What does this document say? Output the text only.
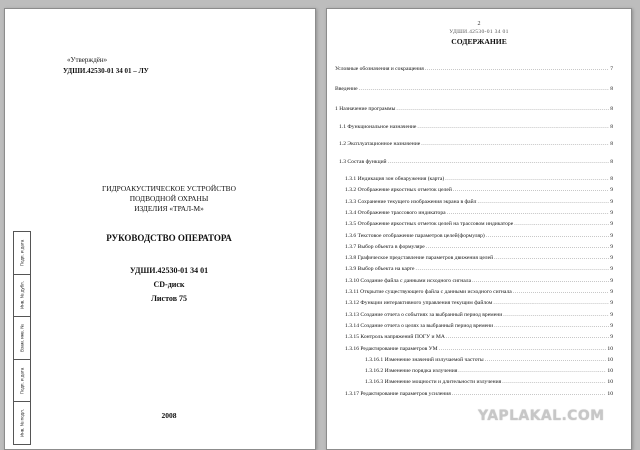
«Утверждён»
УДШИ.42530-01 34 01 – ЛУ
ГИДРОАКУСТИЧЕСКОЕ УСТРОЙСТВО
ПОДВОДНОЙ ОХРАНЫ
ИЗДЕЛИЯ «ТРАЛ-М»
РУКОВОДСТВО ОПЕРАТОРА
УДШИ.42530-01 34 01
CD-диск
Листов 75
2008
Подп. и дата
Инв. № дубл.
Взам. инв. №
Подп. и дата
Инв. № подл.
2
УДШИ.42530-01 34 01
СОДЕРЖАНИЕ
Условные обозначения и сокращения .....	7
Введение .....	8
1 Назначение программы .....	8
1.1 Функциональное назначение .....	8
1.2 Эксплуатационное назначение .....	8
1.3 Состав функций .....	8
1.3.1 Индикация зон обнаружения (карта) .....	8
1.3.2 Отображение яркостных отметок целей .....	9
1.3.3 Сохранение текущего изображения экрана в файл .....	9
1.3.4 Отображение трассового индикатора .....	9
1.3.5 Отображение яркостных отметок целей на трассовом индикаторе .....	9
1.3.6 Текстовое отображение параметров целей(формуляр) .....	9
1.3.7 Выбор объекта в формуляре .....	9
1.3.8 Графическое представление параметров движения целей .....	9
1.3.9 Выбор объекта на карте .....	9
1.3.10 Создание файла с данными исходного сигнала .....	9
1.3.11 Открытие существующего файла с данными исходного сигнала .....	9
1.3.12 Функции интерактивного управления текущим файлом .....	9
1.3.13 Создание отчета о событиях за выбранный период времени .....	9
1.3.14 Создание отчета о целях за выбранный период времени .....	9
1.3.15 Контроль напряжений ПОГУ и МА .....	9
1.3.16 Редактирование параметров УМ .....	10
1.3.16.1 Изменение значений излучаемой частоты .....	10
1.3.16.2 Изменение порядка излучения .....	10
1.3.16.3 Изменение мощности и длительности излучения .....	10
1.3.17 Редактирование параметров усиления .....	10
YAPLAKAL.COM
